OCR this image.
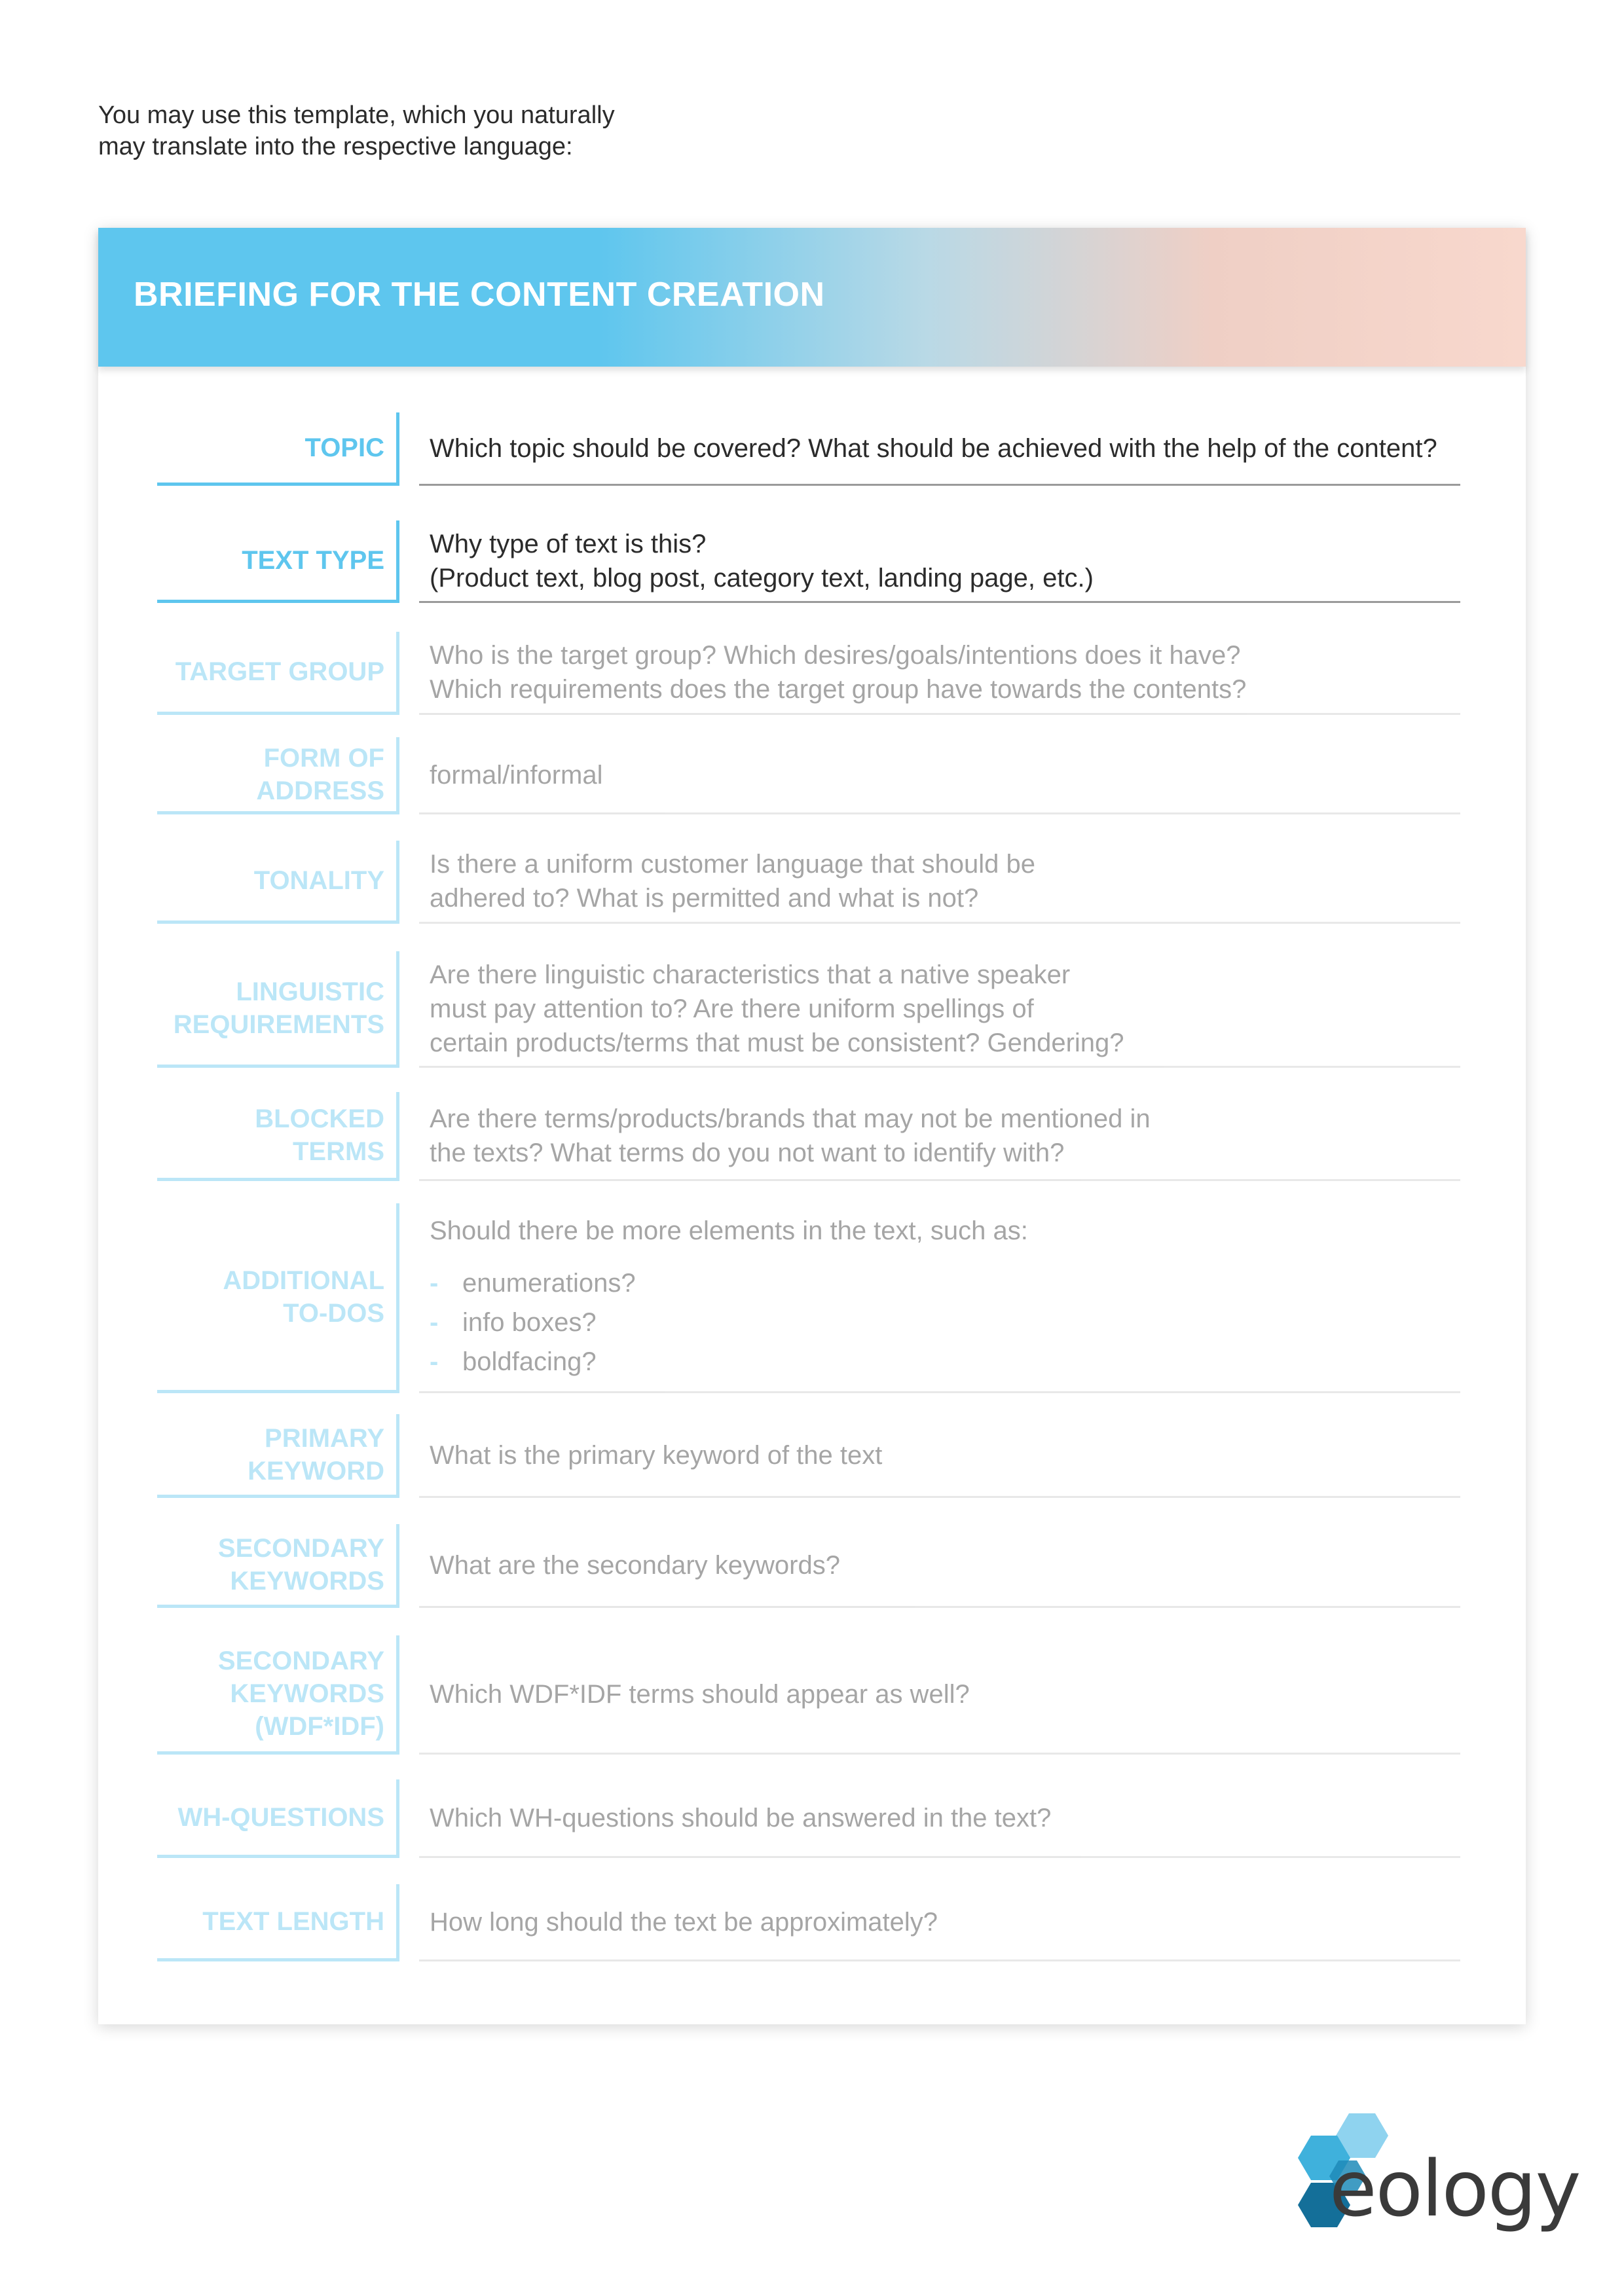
You may use this template, which you naturally

may translate into the respective language:

BRIEFING FOR THE CONTENT CREATION
TOPIC Which topic should be covered? What should be achieved with the help of the content?
TEXT TYPE
Why type of text is this?
(Product text, blog post, category text, landing page, etc.)
TARGET GROUP
Who is the target group? Which desires/goals/intentions does it have?
Which requirements does the target group have towards the contents?
FORM OF
ADDRESS
formal/informal
TONALITY
Is there a uniform customer language that should be
adhered to? What is permitted and what is not?
LINGUISTIC
REQUIREMENTS
Are there linguistic characteristics that a native speaker
must pay attention to? Are there uniform spellings of
certain products/terms that must be consistent? Gendering?
BLOCKED
TERMS
Are there terms/products/brands that may not be mentioned in
the texts? What terms do you not want to identify with?
ADDITIONAL
TO-DOS
Should there be more elements in the text, such as:
- enumerations?
- info boxes?
- boldfacing?
PRIMARY
KEYWORD
What is the primary keyword of the text
SECONDARY
KEYWORDS
What are the secondary keywords?
SECONDARY
KEYWORDS
(WDF*IDF)
Which WDF*IDF terms should appear as well?
WH-QUESTIONS Which WH-questions should be answered in the text?
TEXT LENGTH How long should the text be approximately?
eology
